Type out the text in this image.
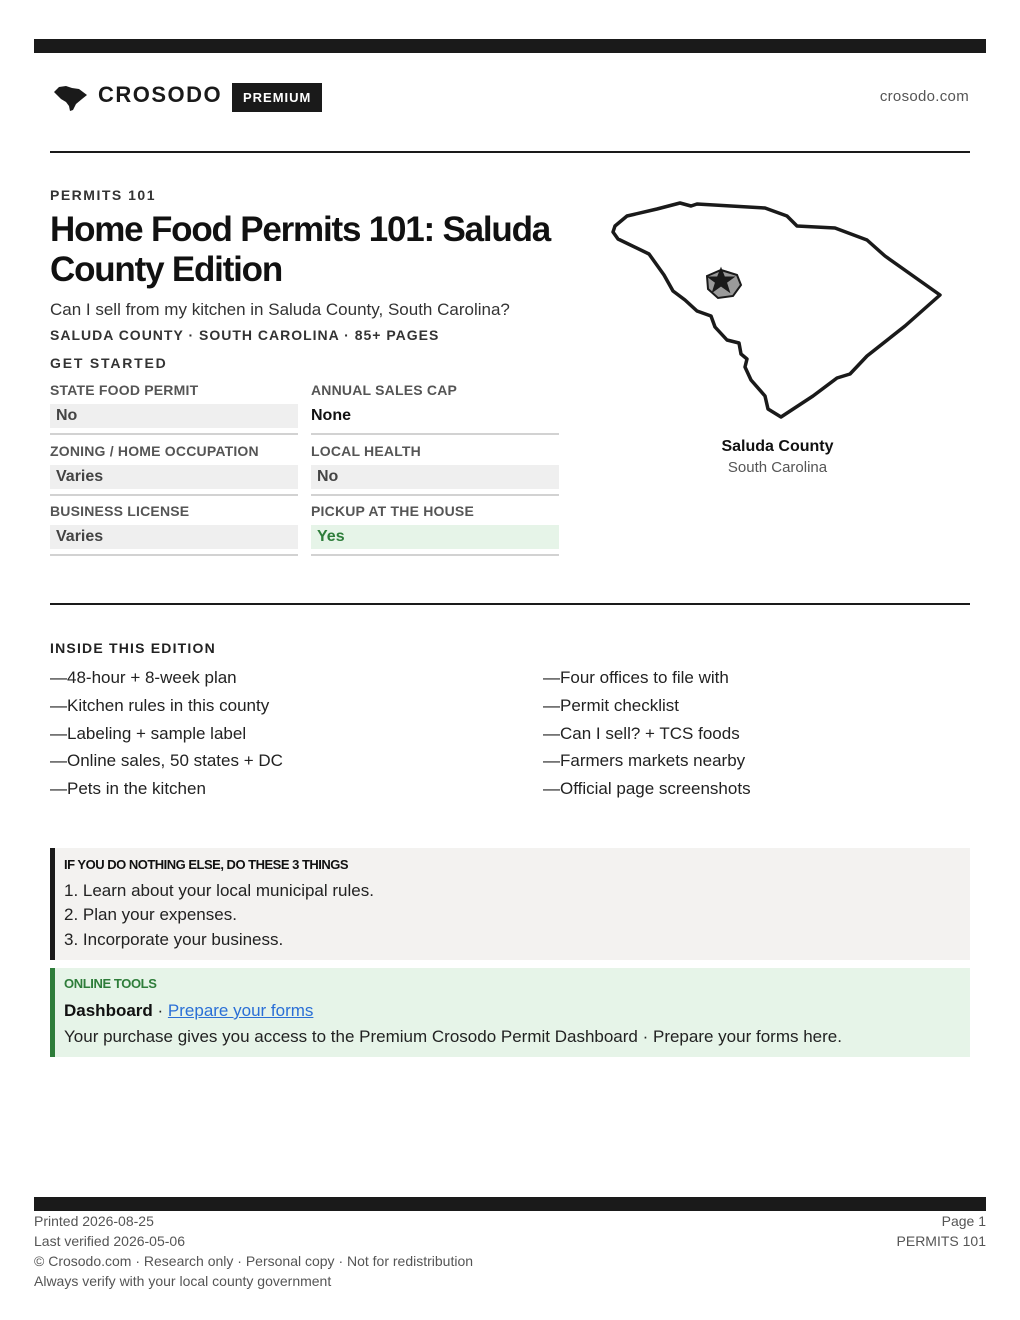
CROSODO	PREMIUM	crosodo.com
PERMITS 101
Home Food Permits 101: Saluda County Edition
Can I sell from my kitchen in Saluda County, South Carolina?
SALUDA COUNTY · SOUTH CAROLINA · 85+ PAGES
GET STARTED
STATE FOOD PERMIT
No
ANNUAL SALES CAP
None
ZONING / HOME OCCUPATION
Varies
LOCAL HEALTH
No
BUSINESS LICENSE
Varies
PICKUP AT THE HOUSE
Yes
Saluda County
South Carolina
INSIDE THIS EDITION
—48-hour + 8-week plan
—Kitchen rules in this county
—Labeling + sample label
—Online sales, 50 states + DC
—Pets in the kitchen
—Four offices to file with
—Permit checklist
—Can I sell? + TCS foods
—Farmers markets nearby
—Official page screenshots
IF YOU DO NOTHING ELSE, DO THESE 3 THINGS
1. Learn about your local municipal rules.
2. Plan your expenses.
3. Incorporate your business.
ONLINE TOOLS
Dashboard · Prepare your forms
Your purchase gives you access to the Premium Crosodo Permit Dashboard · Prepare your forms here.
Printed 2026-08-25
Last verified 2026-05-06
© Crosodo.com · Research only · Personal copy · Not for redistribution
Always verify with your local county government
Page 1
PERMITS 101
